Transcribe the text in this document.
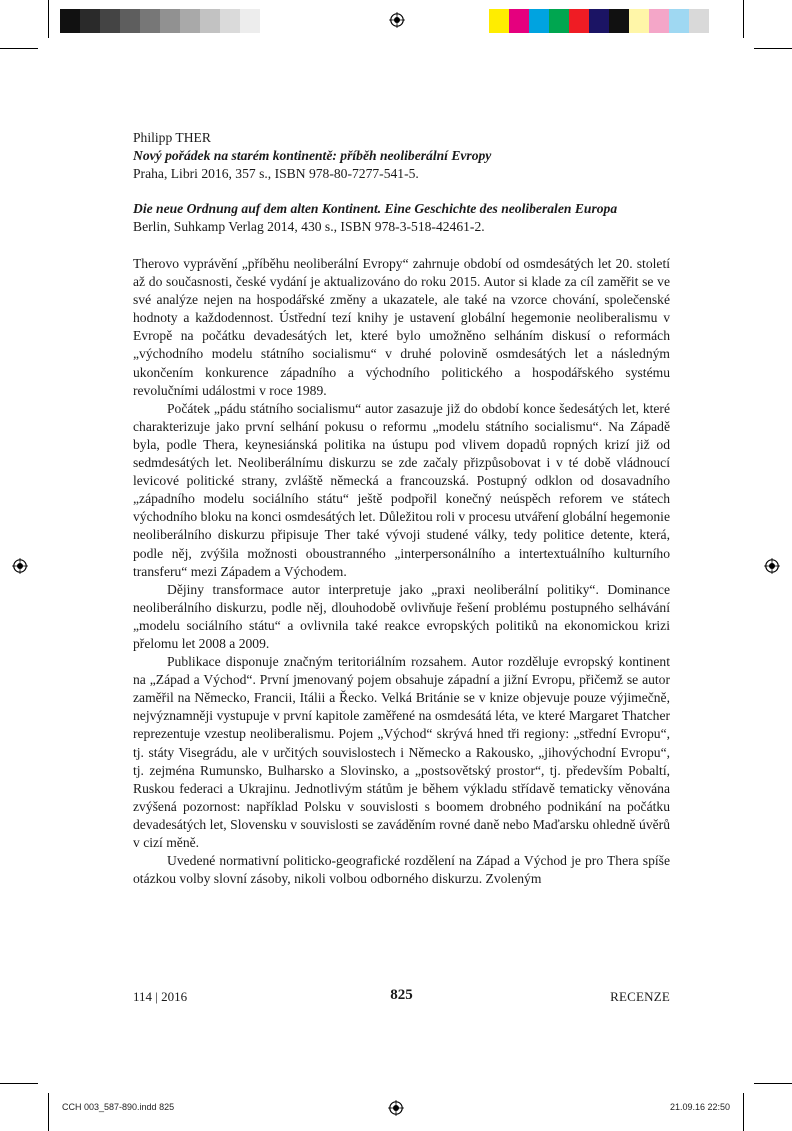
Philipp THER
Nový pořádek na starém kontinentě: příběh neoliberální Evropy
Praha, Libri 2016, 357 s., ISBN 978-80-7277-541-5.
Die neue Ordnung auf dem alten Kontinent. Eine Geschichte des neoliberalen Europa
Berlin, Suhkamp Verlag 2014, 430 s., ISBN 978-3-518-42461-2.

Therovo vyprávění „příběhu neoliberální Evropy“ zahrnuje období od osmdesátých let 20. století až do současnosti, české vydání je aktualizováno do roku 2015. Autor si klade za cíl zaměřit se ve své analýze nejen na hospodářské změny a ukazatele, ale také na vzorce chování, společenské hodnoty a každodennost. Ústřední tezí knihy je ustavení globální hegemonie neoliberalismu v Evropě na počátku devadesátých let, které bylo umožněno selháním diskusí o reformách „východního modelu státního socialismu“ v druhé polovině osmdesátých let a následným ukončením konkurence západního a východního politického a hospodářského systému revolučními událostmi v roce 1989.

Počátek „pádu státního socialismu“ autor zasazuje již do období konce šedesátých let, které charakterizuje jako první selhání pokusu o reformu „modelu státního socialismu“. Na Západě byla, podle Thera, keynesiánská politika na ústupu pod vlivem dopadů ropných krizí již od sedmdesátých let. Neoliberálnímu diskurzu se zde začaly přizpůsobovat i v té době vládnoucí levicové politické strany, zvláště německá a francouzská. Postupný odklon od dosavadního „západního modelu sociálního státu“ ještě podpořil konečný neúspěch reforem ve státech východního bloku na konci osmdesátých let. Důležitou roli v procesu utváření globální hegemonie neoliberálního diskurzu připisuje Ther také vývoji studené války, tedy politice detente, která, podle něj, zvýšila možnosti oboustranného „interpersonálního a intertextuálního kulturního transferu“ mezi Západem a Východem.

Dějiny transformace autor interpretuje jako „praxi neoliberální politiky“. Dominance neoliberálního diskurzu, podle něj, dlouhodobě ovlivňuje řešení problému postupného selhávání „modelu sociálního státu“ a ovlivnila také reakce evropských politiků na ekonomickou krizi přelomu let 2008 a 2009.

Publikace disponuje značným teritoriálním rozsahem. Autor rozděluje evropský kontinent na „Západ a Východ“. První jmenovaný pojem obsahuje západní a jižní Evropu, přičemž se autor zaměřil na Německo, Francii, Itálii a Řecko. Velká Británie se v knize objevuje pouze výjimečně, nejvýznamněji vystupuje v první kapitole zaměřené na osmdesátá léta, ve které Margaret Thatcher reprezentuje vzestup neoliberalismu. Pojem „Východ“ skrývá hned tři regiony: „střední Evropu“, tj. státy Visegrádu, ale v určitých souvislostech i Německo a Rakousko, „jihovýchodní Evropu“, tj. zejména Rumunsko, Bulharsko a Slovinsko, a „postsovětský prostor“, tj. především Pobaltí, Ruskou federaci a Ukrajinu. Jednotlivým státům je během výkladu střídavě tematicky věnována zvýšená pozornost: například Polsku v souvislosti s boomem drobného podnikání na počátku devadesátých let, Slovensku v souvislosti se zaváděním rovné daně nebo Maďarsku ohledně úvěrů v cizí měně.

Uvedené normativní politicko-geografické rozdělení na Západ a Východ je pro Thera spíše otázkou volby slovní zásoby, nikoli volbou odborného diskurzu. Zvoleným

114 | 2016	825	RECENZE
CCH 003_587-890.indd 825	21.09.16 22:50
